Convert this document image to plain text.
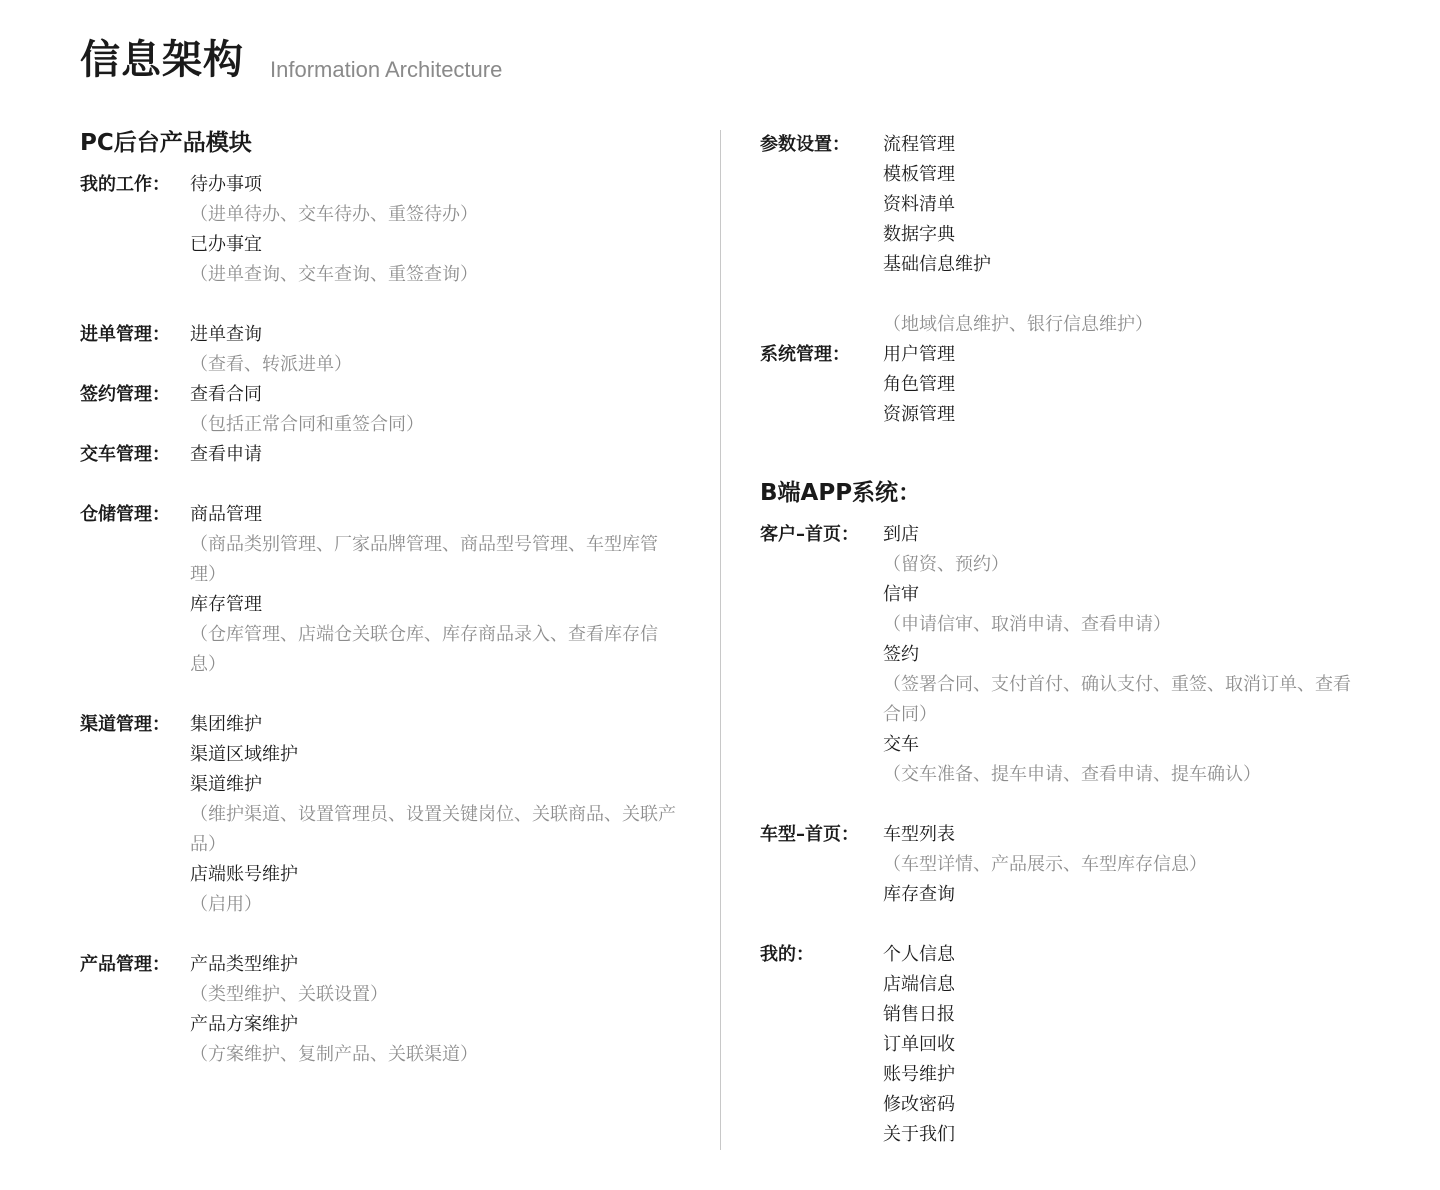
信息架构 Information Architecture
PC后台产品模块
我的工作： 待办事项
（进单待办、交车待办、重签待办）
已办事宜
（进单查询、交车查询、重签查询）
进单管理： 进单查询
（查看、转派进单）
签约管理： 查看合同
（包括正常合同和重签合同）
交车管理： 查看申请
仓储管理： 商品管理
（商品类别管理、厂家品牌管理、商品型号管理、车型库管理）
库存管理
（仓库管理、店端仓关联仓库、库存商品录入、查看库存信息）
渠道管理： 集团维护
渠道区域维护
渠道维护
（维护渠道、设置管理员、设置关键岗位、关联商品、关联产品）
店端账号维护
（启用）
产品管理： 产品类型维护
（类型维护、关联设置）
产品方案维护
（方案维护、复制产品、关联渠道）
B端APP系统：
参数设置： 流程管理
模板管理
资料清单
数据字典
基础信息维护
（地域信息维护、银行信息维护）
系统管理： 用户管理
角色管理
资源管理
客户–首页： 到店
（留资、预约）
信审
（申请信审、取消申请、查看申请）
签约
（签署合同、支付首付、确认支付、重签、取消订单、查看合同）
交车
（交车准备、提车申请、查看申请、提车确认）
车型–首页： 车型列表
（车型详情、产品展示、车型库存信息）
库存查询
我的：	个人信息
店端信息
销售日报
订单回收
账号维护
修改密码
关于我们
